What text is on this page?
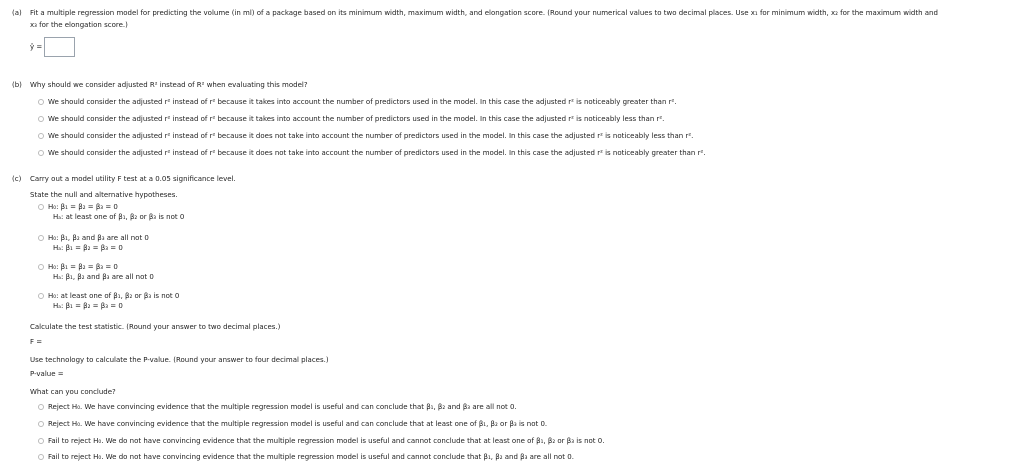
(a) Fit a multiple regression model for predicting the volume (in ml) of a package based on its minimum width, maximum width, and elongation score. (Round your numerical values to two decimal places. Use x₁ for minimum width, x₂ for the maximum width and
x₃ for the elongation score.)
ŷ =
(b) Why should we consider adjusted R² instead of R² when evaluating this model?
We should consider the adjusted r² instead of r² because it takes into account the number of predictors used in the model. In this case the adjusted r² is noticeably greater than r².
We should consider the adjusted r² instead of r² because it takes into account the number of predictors used in the model. In this case the adjusted r² is noticeably less than r².
We should consider the adjusted r² instead of r² because it does not take into account the number of predictors used in the model. In this case the adjusted r² is noticeably less than r².
We should consider the adjusted r² instead of r² because it does not take into account the number of predictors used in the model. In this case the adjusted r² is noticeably greater than r².
(c) Carry out a model utility F test at a 0.05 significance level.
State the null and alternative hypotheses.
H₀: β₁ = β₂ = β₃ = 0
Hₐ: at least one of β₁, β₂ or β₃ is not 0
H₀: β₁, β₂ and β₃ are all not 0
Hₐ: β₁ = β₂ = β₃ = 0
H₀: β₁ = β₂ = β₃ = 0
Hₐ: β₁, β₂ and β₃ are all not 0
H₀: at least one of β₁, β₂ or β₃ is not 0
Hₐ: β₁ = β₂ = β₃ = 0
Calculate the test statistic. (Round your answer to two decimal places.)
F =
Use technology to calculate the P-value. (Round your answer to four decimal places.)
P-value =
What can you conclude?
Reject H₀. We have convincing evidence that the multiple regression model is useful and can conclude that β₁, β₂ and β₃ are all not 0.
Reject H₀. We have convincing evidence that the multiple regression model is useful and can conclude that at least one of β₁, β₂ or β₃ is not 0.
Fail to reject H₀. We do not have convincing evidence that the multiple regression model is useful and cannot conclude that at least one of β₁, β₂ or β₃ is not 0.
Fail to reject H₀. We do not have convincing evidence that the multiple regression model is useful and cannot conclude that β₁, β₂ and β₃ are all not 0.
